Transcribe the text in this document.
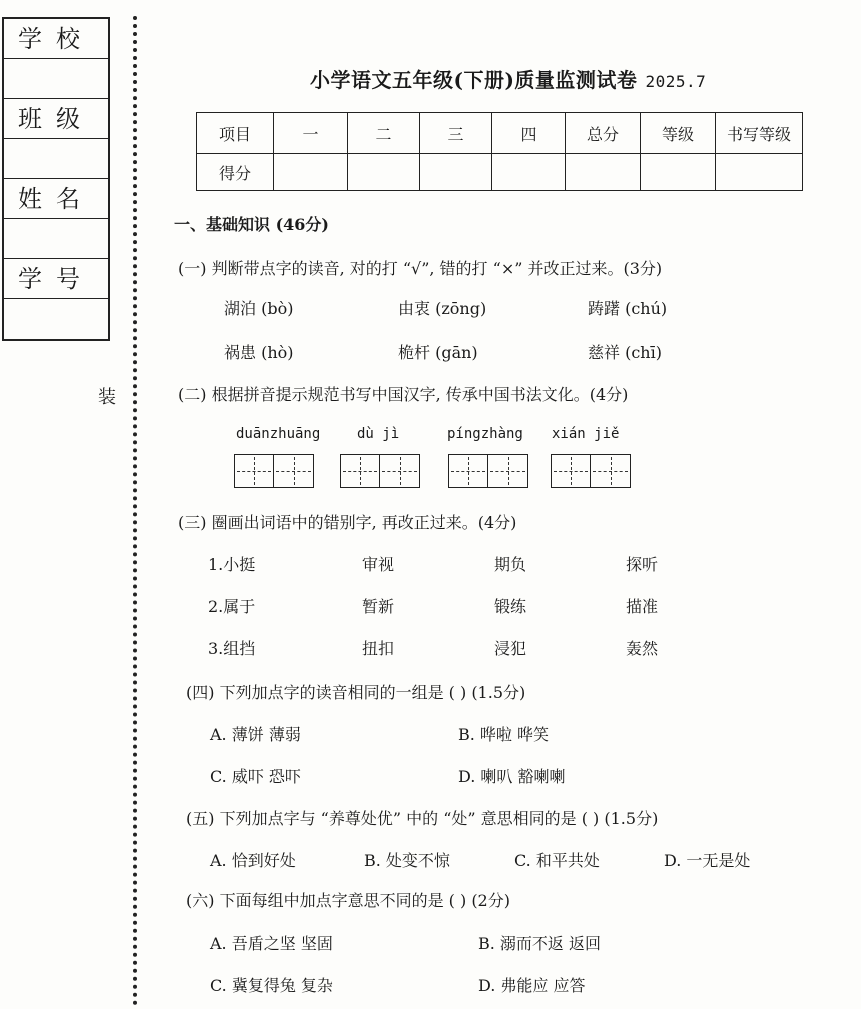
学校
班级
姓名
学号
装
小学语文五年级(下册)质量监测试卷 2025.7
项目	一	二	三	四	总分	等级	书写等级
得分							
一、基础知识 (46分)
(一) 判断带点字的读音, 对的打 “√”, 错的打 “×” 并改正过来。(3分)
湖泊 (bò)	由衷 (zōng)	踌躇 (chú)
祸患 (hò)	桅杆 (gān)	慈祥 (chī)
(二) 根据拼音提示规范书写中国汉字, 传承中国书法文化。(4分)
duānzhuāng	dù jì	píngzhàng xián jiě
(三) 圈画出词语中的错别字, 再改正过来。(4分)
1.小挺	审视	期负	探听
2.属于	暂新	锻练	描准
3.组挡	扭扣	浸犯	轰然
(四) 下列加点字的读音相同的一组是 ( ) (1.5分)
A. 薄饼 薄弱	B. 哗啦 哗笑
C. 威吓 恐吓	D. 喇叭 豁喇喇
(五) 下列加点字与 “养尊处优” 中的 “处” 意思相同的是 ( ) (1.5分)
A. 恰到好处	B. 处变不惊	C. 和平共处	D. 一无是处
(六) 下面每组中加点字意思不同的是 ( ) (2分)
A. 吾盾之坚 坚固	B. 溺而不返 返回
C. 冀复得兔 复杂	D. 弗能应 应答
